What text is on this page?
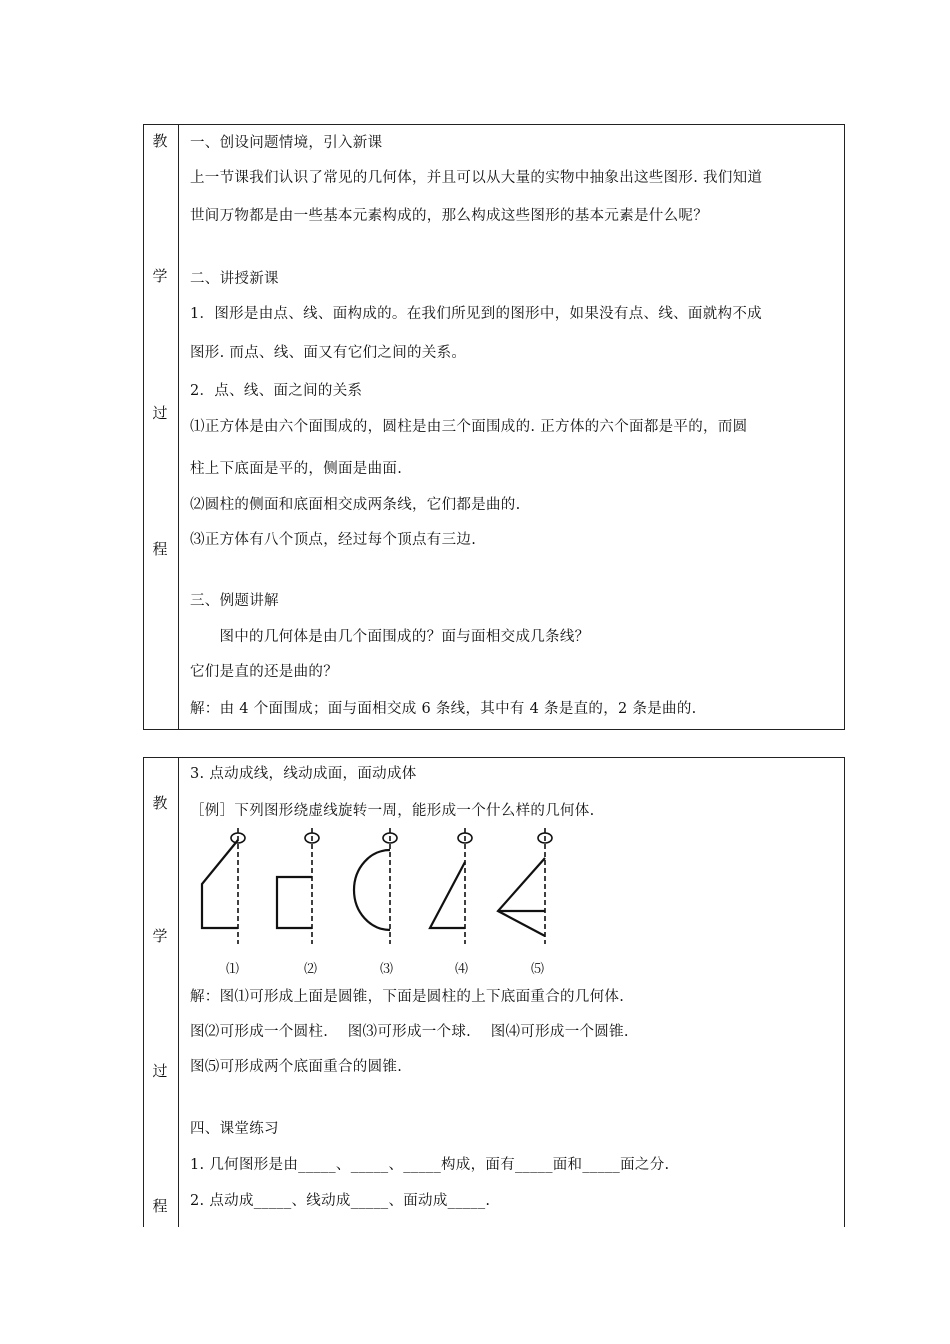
教
学
过
程
一、创设问题情境，引入新课
上一节课我们认识了常见的几何体，并且可以从大量的实物中抽象出这些图形. 我们知道
世间万物都是由一些基本元素构成的，那么构成这些图形的基本元素是什么呢？
二、讲授新课
1．图形是由点、线、面构成的。在我们所见到的图形中，如果没有点、线、面就构不成
图形. 而点、线、面又有它们之间的关系。
2．点、线、面之间的关系
⑴正方体是由六个面围成的，圆柱是由三个面围成的. 正方体的六个面都是平的，而圆
柱上下底面是平的，侧面是曲面.
⑵圆柱的侧面和底面相交成两条线，它们都是曲的.
⑶正方体有八个顶点，经过每个顶点有三边.
三、例题讲解
图中的几何体是由几个面围成的？面与面相交成几条线？
它们是直的还是曲的？
解：由 4 个面围成；面与面相交成 6 条线，其中有 4 条是直的，2 条是曲的.
教
学
过
程
3. 点动成线，线动成面，面动成体
［例］下列图形绕虚线旋转一周，能形成一个什么样的几何体.
⑴	⑵	⑶	⑷	⑸
解：图⑴可形成上面是圆锥，下面是圆柱的上下底面重合的几何体.
图⑵可形成一个圆柱.    图⑶可形成一个球.    图⑷可形成一个圆锥.
图⑸可形成两个底面重合的圆锥.
四、课堂练习
1. 几何图形是由_____、_____、_____构成，面有_____面和_____面之分.
2. 点动成_____、线动成_____、面动成_____.
